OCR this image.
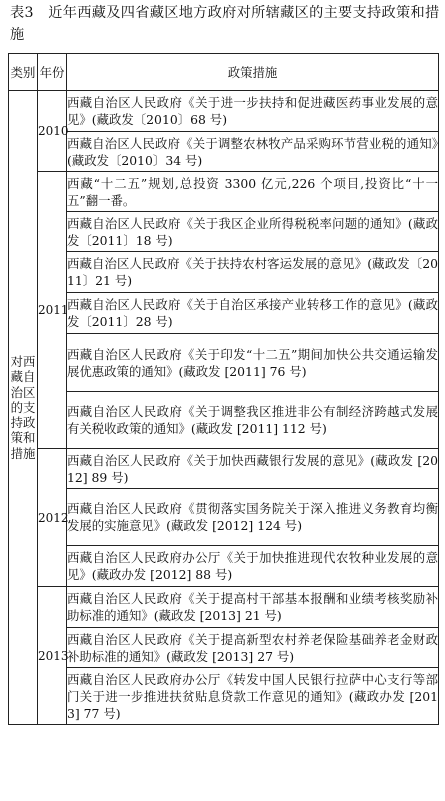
表3　近年西藏及四省藏区地方政府对所辖藏区的主要支持政策和措施
类别	年份	政策措施
对西藏自治区的支持政策和措施	2010	西藏自治区人民政府《关于进一步扶持和促进藏医药事业发展的意见》(藏政发〔2010〕68 号)
		西藏自治区人民政府《关于调整农林牧产品采购环节营业税的通知》(藏政发〔2010〕34 号)
	2011	西藏“十二五”规划,总投资 3300 亿元,226 个项目,投资比“十一五”翻一番。
		西藏自治区人民政府《关于我区企业所得税税率问题的通知》(藏政发〔2011〕18 号)
		西藏自治区人民政府《关于扶持农村客运发展的意见》(藏政发〔2011〕21 号)
		西藏自治区人民政府《关于自治区承接产业转移工作的意见》(藏政发〔2011〕28 号)
		西藏自治区人民政府《关于印发“十二五”期间加快公共交通运输发展优惠政策的通知》(藏政发 [2011] 76 号)
		西藏自治区人民政府《关于调整我区推进非公有制经济跨越式发展有关税收政策的通知》(藏政发 [2011] 112 号)
	2012	西藏自治区人民政府《关于加快西藏银行发展的意见》(藏政发 [2012] 89 号)
		西藏自治区人民政府《贯彻落实国务院关于深入推进义务教育均衡发展的实施意见》(藏政发 [2012] 124 号)
		西藏自治区人民政府办公厅《关于加快推进现代农牧种业发展的意见》(藏政办发 [2012] 88 号)
	2013	西藏自治区人民政府《关于提高村干部基本报酬和业绩考核奖励补助标准的通知》(藏政发 [2013] 21 号)
		西藏自治区人民政府《关于提高新型农村养老保险基础养老金财政补助标准的通知》(藏政发 [2013] 27 号)
		西藏自治区人民政府办公厅《转发中国人民银行拉萨中心支行等部门关于进一步推进扶贫贴息贷款工作意见的通知》(藏政办发 [2013] 77 号)
